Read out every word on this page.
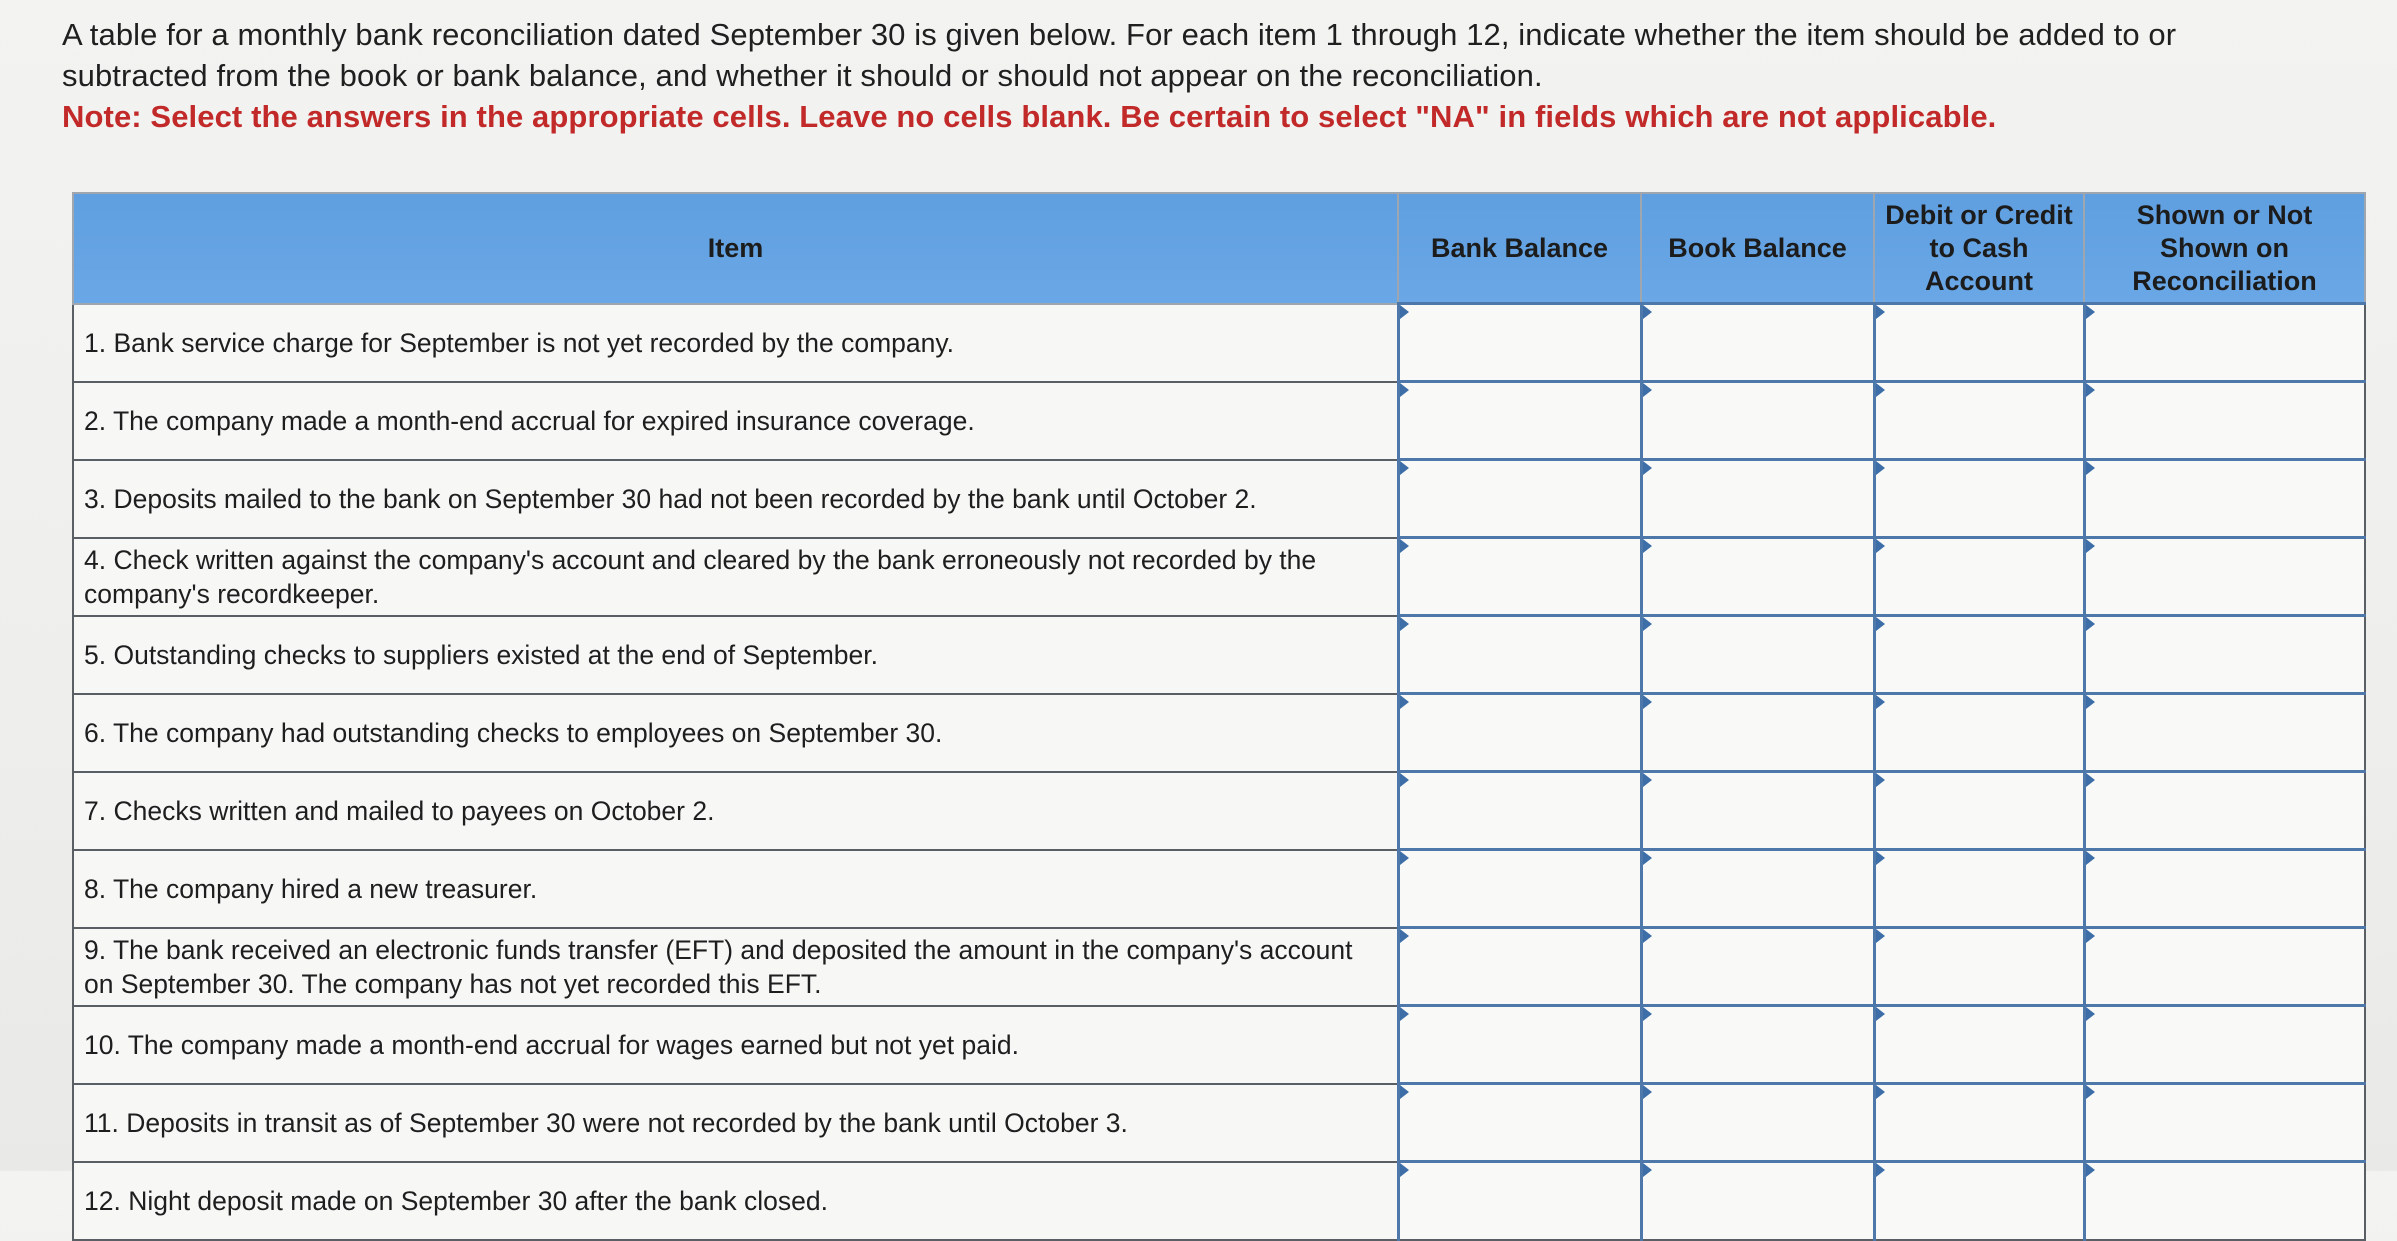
A table for a monthly bank reconciliation dated September 30 is given below. For each item 1 through 12, indicate whether the item should be added to or subtracted from the book or bank balance, and whether it should or should not appear on the reconciliation.

Note: Select the answers in the appropriate cells. Leave no cells blank. Be certain to select "NA" in fields which are not applicable.

Item	Bank Balance	Book Balance	Debit or Credit to Cash Account	Shown or Not Shown on Reconciliation
1. Bank service charge for September is not yet recorded by the company.	

2. The company made a month-end accrual for expired insurance coverage.	

3. Deposits mailed to the bank on September 30 had not been recorded by the bank until October 2.	

4. Check written against the company's account and cleared by the bank erroneously not recorded by the company's recordkeeper.	

5. Outstanding checks to suppliers existed at the end of September.	

6. The company had outstanding checks to employees on September 30.	

7. Checks written and mailed to payees on October 2.	

8. The company hired a new treasurer.	

9. The bank received an electronic funds transfer (EFT) and deposited the amount in the company's account on September 30. The company has not yet recorded this EFT.	

10. The company made a month-end accrual for wages earned but not yet paid.	

11. Deposits in transit as of September 30 were not recorded by the bank until October 3.	

12. Night deposit made on September 30 after the bank closed.	
